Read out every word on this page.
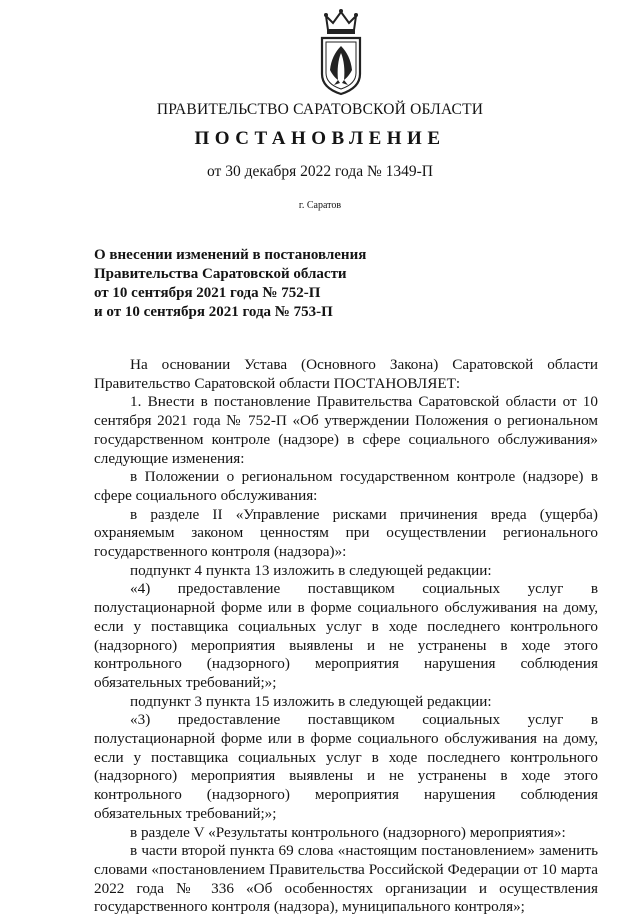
ПРАВИТЕЛЬСТВО САРАТОВСКОЙ ОБЛАСТИ
ПОСТАНОВЛЕНИЕ
от 30 декабря 2022 года № 1349-П
г. Саратов
О внесении изменений в постановления
Правительства Саратовской области
от 10 сентября 2021 года № 752-П
и от 10 сентября 2021 года № 753-П

На основании Устава (Основного Закона) Саратовской области Правительство Саратовской области ПОСТАНОВЛЯЕТ:

1. Внести в постановление Правительства Саратовской области от 10 сентября 2021 года № 752-П «Об утверждении Положения о региональном государственном контроле (надзоре) в сфере социального обслуживания» следующие изменения:

в Положении о региональном государственном контроле (надзоре) в сфере социального обслуживания:

в разделе II «Управление рисками причинения вреда (ущерба) охраняемым законом ценностям при осуществлении регионального государственного контроля (надзора)»:

подпункт 4 пункта 13 изложить в следующей редакции:

«4) предоставление поставщиком социальных услуг в полустационарной форме или в форме социального обслуживания на дому, если у поставщика социальных услуг в ходе последнего контрольного (надзорного) мероприятия выявлены и не устранены в ходе этого контрольного (надзорного) мероприятия нарушения соблюдения обязательных требований;»;

подпункт 3 пункта 15 изложить в следующей редакции:

«3) предоставление поставщиком социальных услуг в полустационарной форме или в форме социального обслуживания на дому, если у поставщика социальных услуг в ходе последнего контрольного (надзорного) мероприятия выявлены и не устранены в ходе этого контрольного (надзорного) мероприятия нарушения соблюдения обязательных требований;»;

в разделе V «Результаты контрольного (надзорного) мероприятия»:

в части второй пункта 69 слова «настоящим постановлением» заменить словами «постановлением Правительства Российской Федерации от 10 марта 2022 года № 336 «Об особенностях организации и осуществления государственного контроля (надзора), муниципального контроля»;
